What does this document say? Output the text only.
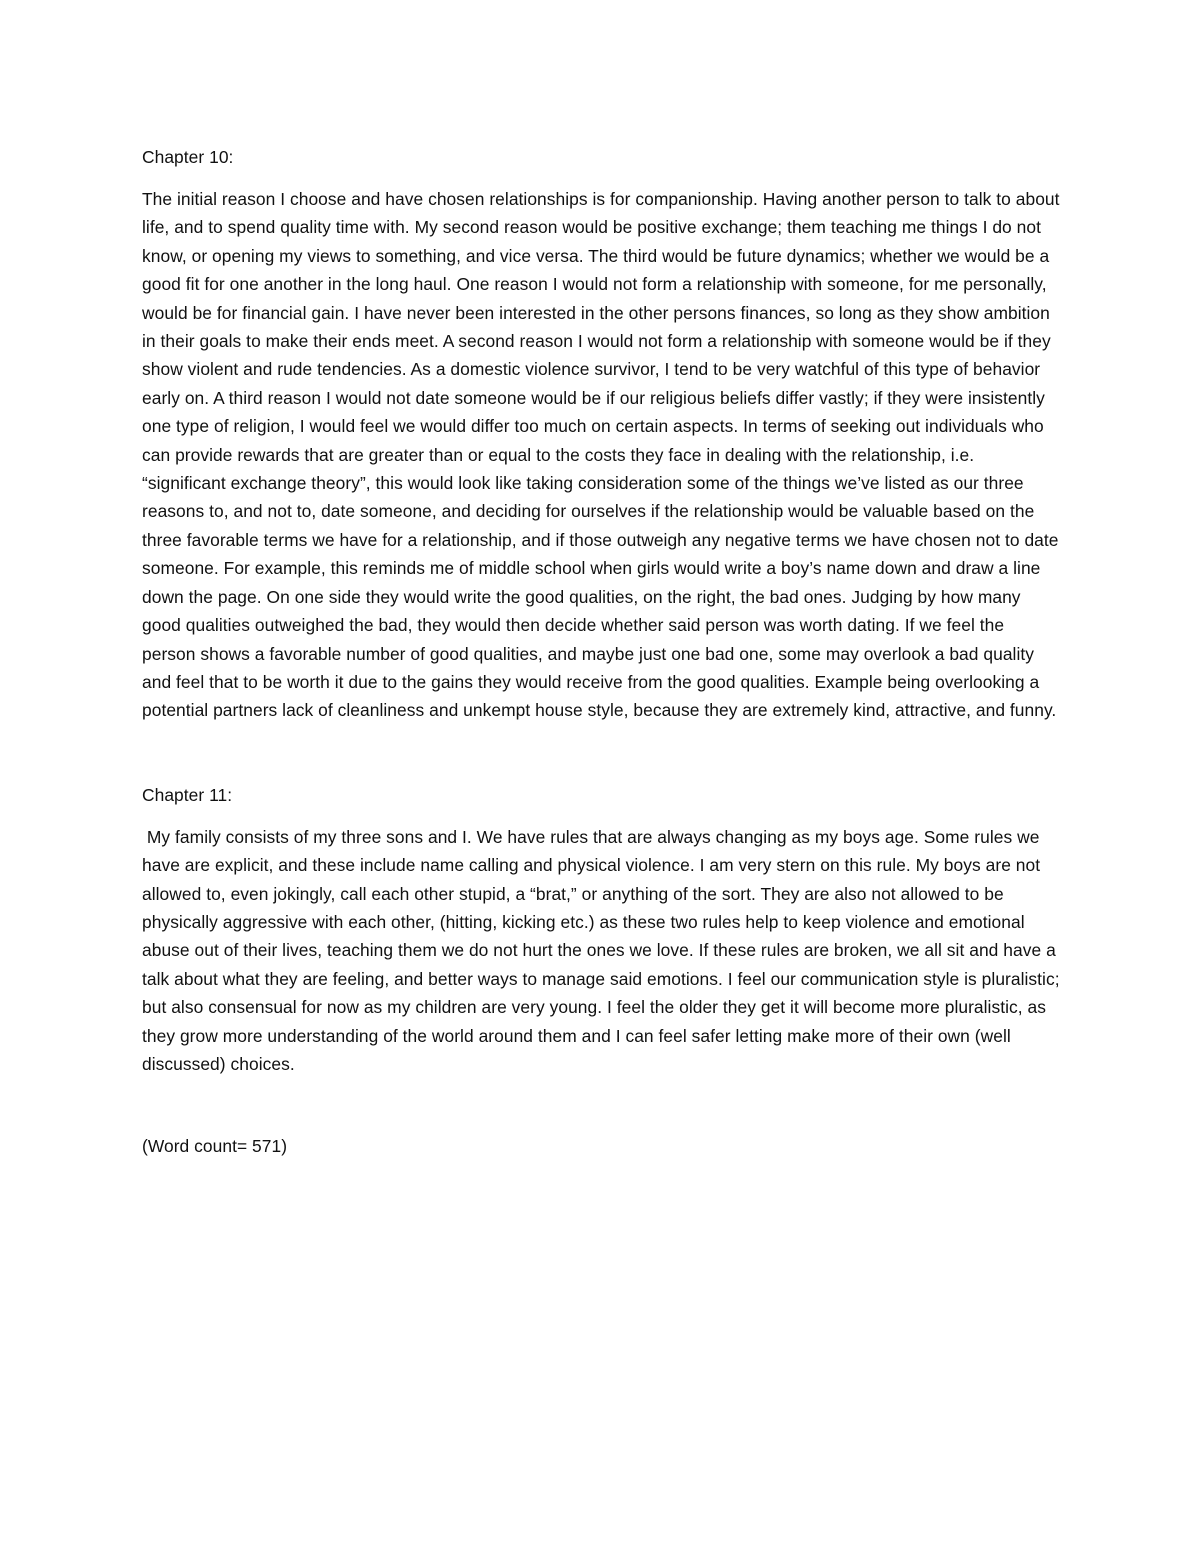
Chapter 10:

The initial reason I choose and have chosen relationships is for companionship. Having another person to talk to about life, and to spend quality time with. My second reason would be positive exchange; them teaching me things I do not know, or opening my views to something, and vice versa. The third would be future dynamics; whether we would be a good fit for one another in the long haul. One reason I would not form a relationship with someone, for me personally, would be for financial gain. I have never been interested in the other persons finances, so long as they show ambition in their goals to make their ends meet. A second reason I would not form a relationship with someone would be if they show violent and rude tendencies. As a domestic violence survivor, I tend to be very watchful of this type of behavior early on. A third reason I would not date someone would be if our religious beliefs differ vastly; if they were insistently one type of religion, I would feel we would differ too much on certain aspects. In terms of seeking out individuals who can provide rewards that are greater than or equal to the costs they face in dealing with the relationship, i.e. “significant exchange theory”, this would look like taking consideration some of the things we’ve listed as our three reasons to, and not to, date someone, and deciding for ourselves if the relationship would be valuable based on the three favorable terms we have for a relationship, and if those outweigh any negative terms we have chosen not to date someone. For example, this reminds me of middle school when girls would write a boy’s name down and draw a line down the page. On one side they would write the good qualities, on the right, the bad ones. Judging by how many good qualities outweighed the bad, they would then decide whether said person was worth dating. If we feel the person shows a favorable number of good qualities, and maybe just one bad one, some may overlook a bad quality and feel that to be worth it due to the gains they would receive from the good qualities. Example being overlooking a potential partners lack of cleanliness and unkempt house style, because they are extremely kind, attractive, and funny.

Chapter 11:

My family consists of my three sons and I. We have rules that are always changing as my boys age. Some rules we have are explicit, and these include name calling and physical violence. I am very stern on this rule. My boys are not allowed to, even jokingly, call each other stupid, a “brat,” or anything of the sort. They are also not allowed to be physically aggressive with each other, (hitting, kicking etc.) as these two rules help to keep violence and emotional abuse out of their lives, teaching them we do not hurt the ones we love. If these rules are broken, we all sit and have a talk about what they are feeling, and better ways to manage said emotions. I feel our communication style is pluralistic; but also consensual for now as my children are very young. I feel the older they get it will become more pluralistic, as they grow more understanding of the world around them and I can feel safer letting make more of their own (well discussed) choices.

(Word count= 571)
